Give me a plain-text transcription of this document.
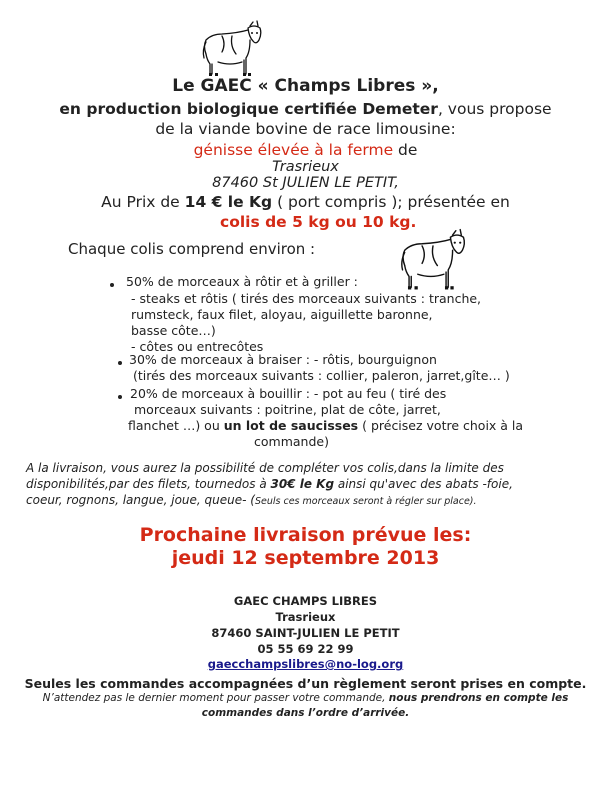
Le GAEC « Champs Libres »,
en production biologique certifiée Demeter, vous propose
de la viande bovine de race limousine:
génisse élevée à la ferme de
Trasrieux
87460 St JULIEN LE PETIT,
Au Prix de 14 € le Kg ( port compris ); présentée en
colis de 5 kg ou 10 kg.
Chaque colis comprend environ :
50% de morceaux à rôtir et à griller :
- steaks et rôtis ( tirés des morceaux suivants : tranche,
rumsteck, faux filet, aloyau, aiguillette baronne,
basse côte…)
- côtes ou entrecôtes
30% de morceaux à braiser : - rôtis, bourguignon
(tirés des morceaux suivants : collier, paleron, jarret,gîte… )
20% de morceaux à bouillir : - pot au feu ( tiré des
morceaux suivants : poitrine, plat de côte, jarret,
flanchet …) ou un lot de saucisses ( précisez votre choix à la
commande)
A la livraison, vous aurez la possibilité de compléter vos colis,dans la limite des
disponibilités,par des filets, tournedos à 30€ le Kg ainsi qu'avec des abats -foie,
coeur, rognons, langue, joue, queue- (Seuls ces morceaux seront à régler sur place).
Prochaine livraison prévue les:
jeudi 12 septembre 2013
GAEC CHAMPS LIBRES
Trasrieux
87460 SAINT-JULIEN LE PETIT
05 55 69 22 99
gaecchampslibres@no-log.org
Seules les commandes accompagnées d’un règlement seront prises en compte.
N’attendez pas le dernier moment pour passer votre commande, nous prendrons en compte les
commandes dans l’ordre d’arrivée.
